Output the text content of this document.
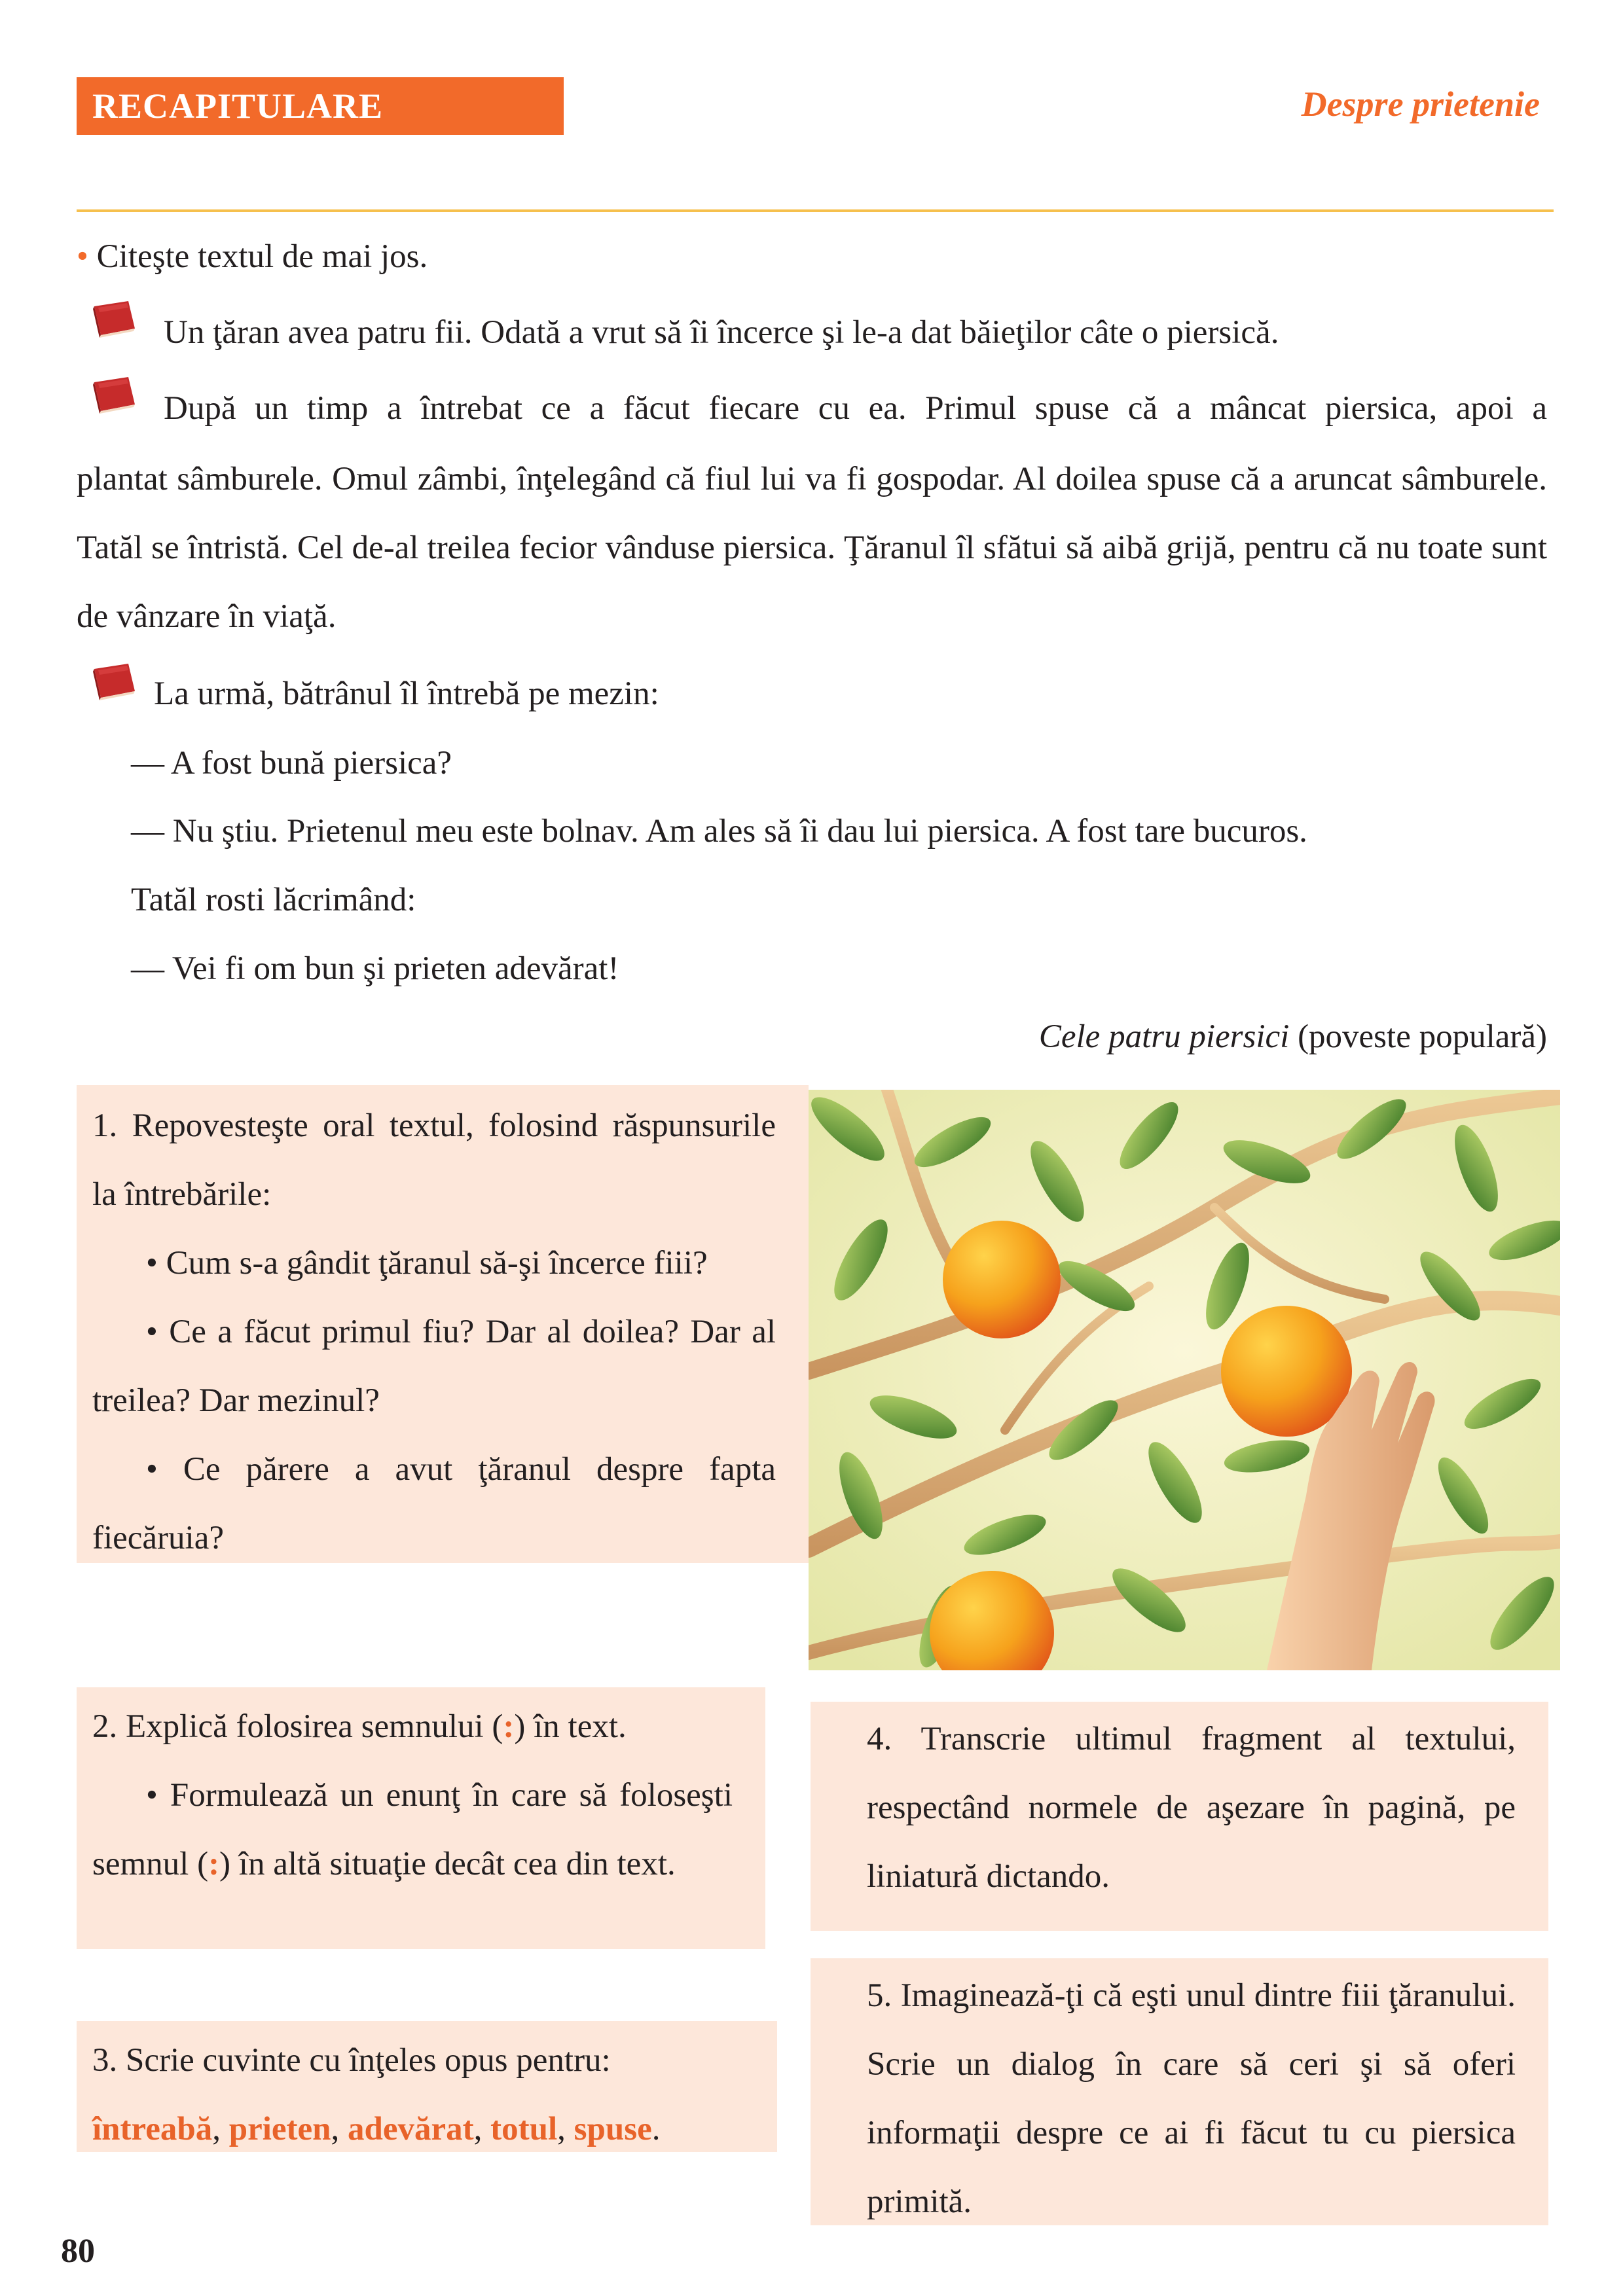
RECAPITULARE	Despre prietenie
• Citeşte textul de mai jos.
Un ţăran avea patru fii. Odată a vrut să îi încerce şi le-a dat băieţilor câte o piersică.
După un timp a întrebat ce a făcut fiecare cu ea. Primul spuse că a mâncat piersica, apoi a
plantat sâmburele. Omul zâmbi, înţelegând că fiul lui va fi gospodar. Al doilea spuse că a aruncat sâmburele. Tatăl se întristă. Cel de-al treilea fecior vânduse piersica. Ţăranul îl sfătui să aibă grijă, pentru că nu toate sunt de vânzare în viaţă.
La urmă, bătrânul îl întrebă pe mezin:
— A fost bună piersica?
— Nu ştiu. Prietenul meu este bolnav. Am ales să îi dau lui piersica. A fost tare bucuros.
Tatăl rosti lăcrimând:
— Vei fi om bun şi prieten adevărat!
Cele patru piersici (poveste populară)

1. Repovesteşte oral textul, folosind răspunsurile la întrebările:

• Cum s-a gândit ţăranul să-şi încerce fiii?

• Ce a făcut primul fiu? Dar al doilea? Dar al treilea? Dar mezinul?

• Ce părere a avut ţăranul despre fapta fiecăruia?

2. Explică folosirea semnului (:) în text.

• Formulează un enunţ în care să foloseşti semnul (:) în altă situaţie decât cea din text.

3. Scrie cuvinte cu înţeles opus pentru:

întreabă, prieten, adevărat, totul, spuse.

4. Transcrie ultimul fragment al textului, respectând normele de aşezare în pagină, pe liniatură dictando.

5. Imaginează-ţi că eşti unul dintre fiii ţăranului. Scrie un dialog în care să ceri şi să oferi informaţii despre ce ai fi făcut tu cu piersica primită.

80
